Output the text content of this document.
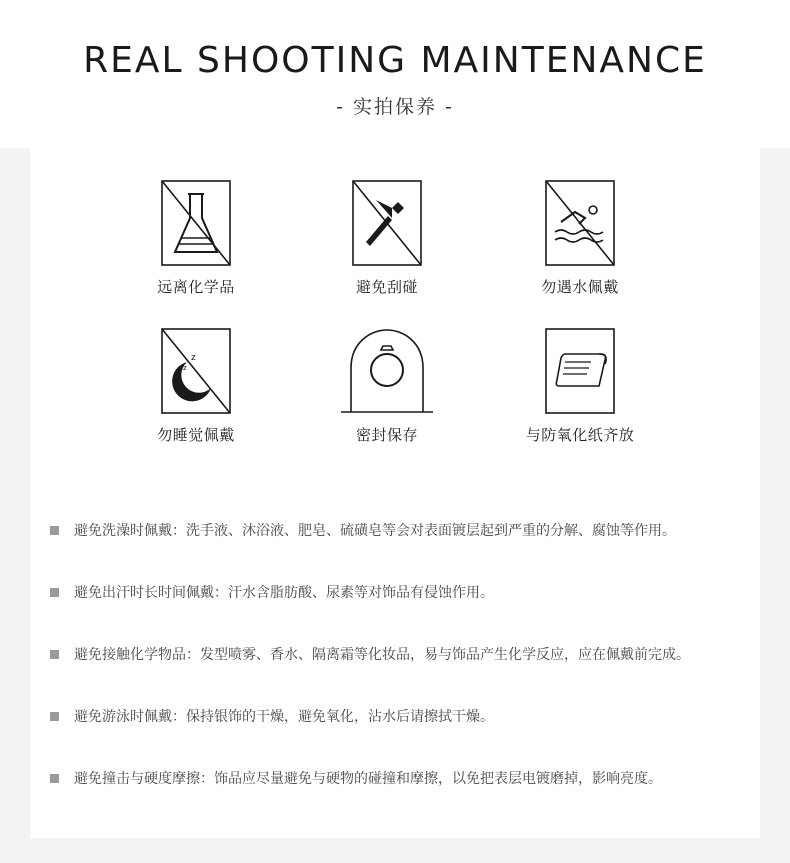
REAL SHOOTING MAINTENANCE
- 实拍保养 -
远离化学品	避免刮碰	勿遇水佩戴
z
z
勿睡觉佩戴	密封保存	与防氧化纸齐放
避免洗澡时佩戴：洗手液、沐浴液、肥皂、硫磺皂等会对表面镀层起到严重的分解、腐蚀等作用。
避免出汗时长时间佩戴：汗水含脂肪酸、尿素等对饰品有侵蚀作用。
避免接触化学物品：发型喷雾、香水、隔离霜等化妆品，易与饰品产生化学反应，应在佩戴前完成。
避免游泳时佩戴：保持银饰的干燥，避免氧化，沾水后请擦拭干燥。
避免撞击与硬度摩擦：饰品应尽量避免与硬物的碰撞和摩擦，以免把表层电镀磨掉，影响亮度。
